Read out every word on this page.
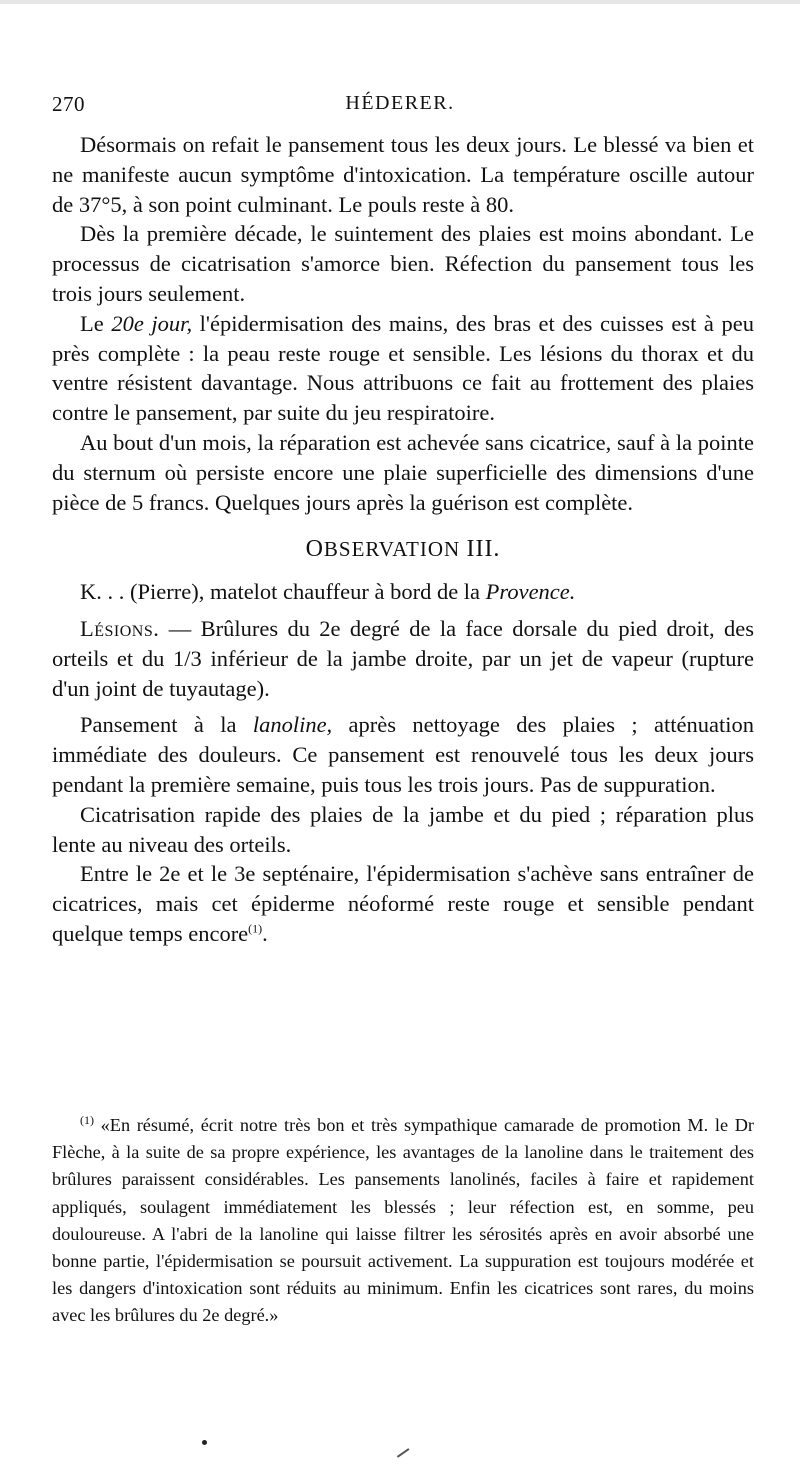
270	HÉDERER.

Désormais on refait le pansement tous les deux jours. Le blessé va bien et ne manifeste aucun symptôme d'intoxication. La température oscille autour de 37°5, à son point culminant. Le pouls reste à 80.

Dès la première décade, le suintement des plaies est moins abondant. Le processus de cicatrisation s'amorce bien. Réfection du pansement tous les trois jours seulement.

Le 20e jour, l'épidermisation des mains, des bras et des cuisses est à peu près complète : la peau reste rouge et sensible. Les lésions du thorax et du ventre résistent davantage. Nous attribuons ce fait au frottement des plaies contre le pansement, par suite du jeu respiratoire.

Au bout d'un mois, la réparation est achevée sans cicatrice, sauf à la pointe du sternum où persiste encore une plaie superficielle des dimensions d'une pièce de 5 francs. Quelques jours après la guérison est complète.

OBSERVATION III.

K. . . (Pierre), matelot chauffeur à bord de la Provence.

Lésions. — Brûlures du 2e degré de la face dorsale du pied droit, des orteils et du 1/3 inférieur de la jambe droite, par un jet de vapeur (rupture d'un joint de tuyautage).

Pansement à la lanoline, après nettoyage des plaies ; atténuation immédiate des douleurs. Ce pansement est renouvelé tous les deux jours pendant la première semaine, puis tous les trois jours. Pas de suppuration.

Cicatrisation rapide des plaies de la jambe et du pied ; réparation plus lente au niveau des orteils.

Entre le 2e et le 3e septénaire, l'épidermisation s'achève sans entraîner de cicatrices, mais cet épiderme néoformé reste rouge et sensible pendant quelque temps encore$^{(1)}$.

$^{(1)}$ «En résumé, écrit notre très bon et très sympathique camarade de promotion M. le Dr Flèche, à la suite de sa propre expérience, les avantages de la lanoline dans le traitement des brûlures paraissent considérables. Les pansements lanolinés, faciles à faire et rapidement appliqués, soulagent immédiatement les blessés ; leur réfection est, en somme, peu douloureuse. A l'abri de la lanoline qui laisse filtrer les sérosités après en avoir absorbé une bonne partie, l'épidermisation se poursuit activement. La suppuration est toujours modérée et les dangers d'intoxication sont réduits au minimum. Enfin les cicatrices sont rares, du moins avec les brûlures du 2e degré.»
